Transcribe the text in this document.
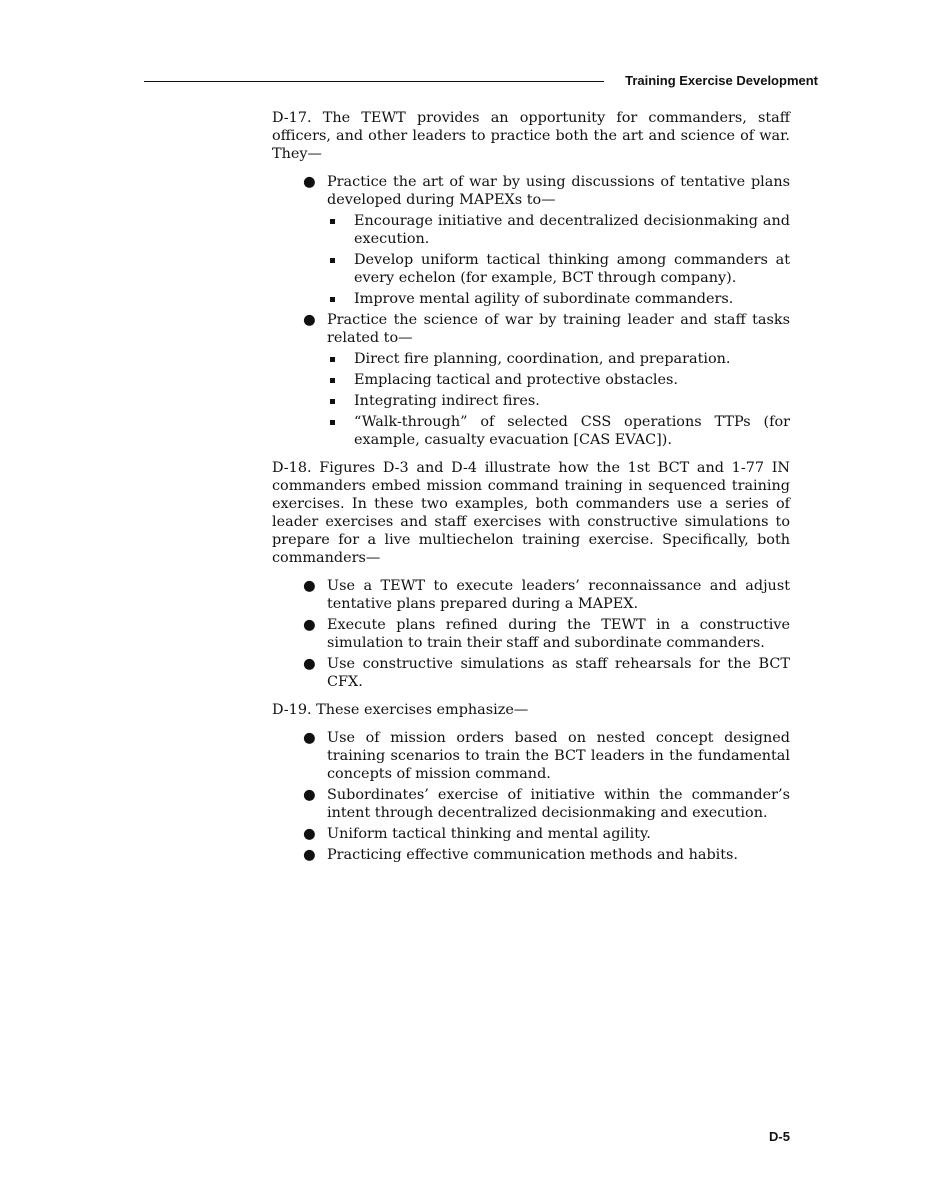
Training Exercise Development

D-17. The TEWT provides an opportunity for commanders, staff officers, and other leaders to practice both the art and science of war. They—

● Practice the art of war by using discussions of tentative plans developed during MAPEXs to—
Encourage initiative and decentralized decisionmaking and execution.
Develop uniform tactical thinking among commanders at every echelon (for example, BCT through company).
Improve mental agility of subordinate commanders.
● Practice the science of war by training leader and staff tasks related to—
Direct fire planning, coordination, and preparation.
Emplacing tactical and protective obstacles.
Integrating indirect fires.
“Walk-through” of selected CSS operations TTPs (for example, casualty evacuation [CAS EVAC]).

D-18. Figures D-3 and D-4 illustrate how the 1st BCT and 1-77 IN commanders embed mission command training in sequenced training exercises. In these two examples, both commanders use a series of leader exercises and staff exercises with constructive simulations to prepare for a live multiechelon training exercise. Specifically, both commanders—

● Use a TEWT to execute leaders’ reconnaissance and adjust tentative plans prepared during a MAPEX.
● Execute plans refined during the TEWT in a constructive simulation to train their staff and subordinate commanders.
● Use constructive simulations as staff rehearsals for the BCT CFX.

D-19. These exercises emphasize—

● Use of mission orders based on nested concept designed training scenarios to train the BCT leaders in the fundamental concepts of mission command.
● Subordinates’ exercise of initiative within the commander’s intent through decentralized decisionmaking and execution.
● Uniform tactical thinking and mental agility.
● Practicing effective communication methods and habits.
D-5
